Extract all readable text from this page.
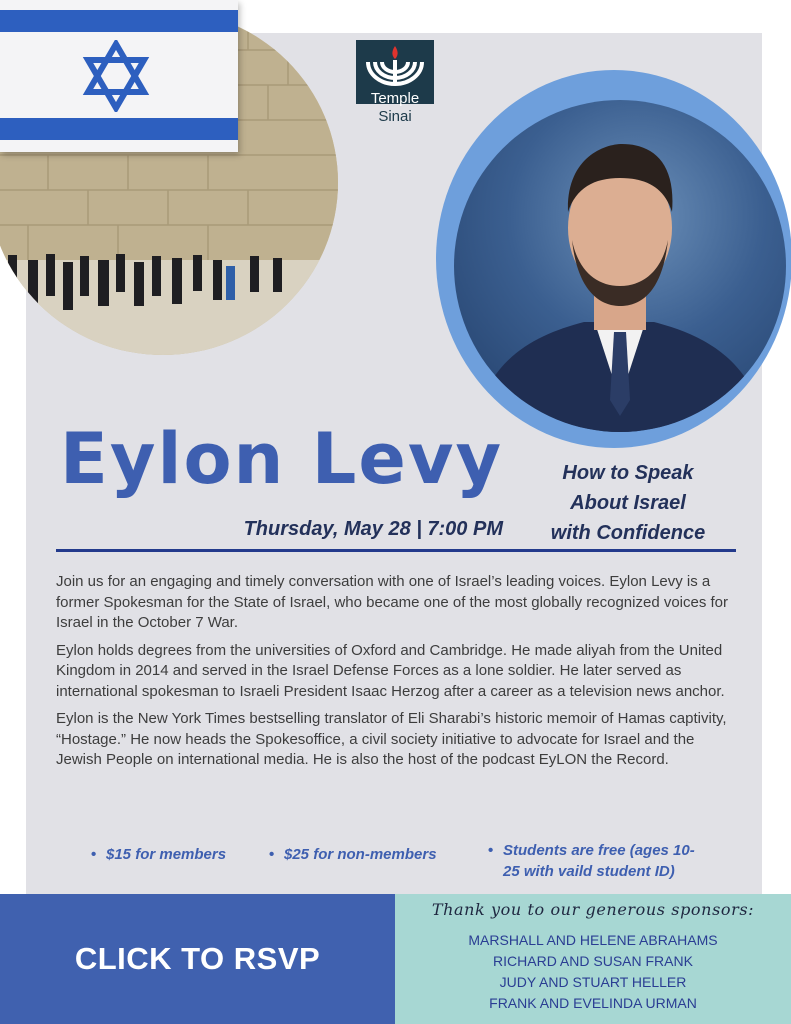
Temple
Sinai
Eylon Levy	How to Speak
About Israel
with Confidence
Thursday, May 28 | 7:00 PM

Join us for an engaging and timely conversation with one of Israel’s leading voices. Eylon Levy is a former Spokesman for the State of Israel, who became one of the most globally recognized voices for Israel in the October 7 War.

Eylon holds degrees from the universities of Oxford and Cambridge. He made aliyah from the United Kingdom in 2014 and served in the Israel Defense Forces as a lone soldier. He later served as international spokesman to Israeli President Isaac Herzog after a career as a television news anchor.

Eylon is the New York Times bestselling translator of Eli Sharabi’s historic memoir of Hamas captivity, “Hostage.” He now heads the Spokesoffice, a civil society initiative to advocate for Israel and the Jewish People on international media. He is also the host of the podcast EyLON the Record.

• $15 for members	• $25 for non-members	• Students are free (ages 10-
25 with vaild student ID)
CLICK TO RSVP
Thank you to our generous sponsors:
MARSHALL AND HELENE ABRAHAMS
RICHARD AND SUSAN FRANK
JUDY AND STUART HELLER
FRANK AND EVELINDA URMAN
